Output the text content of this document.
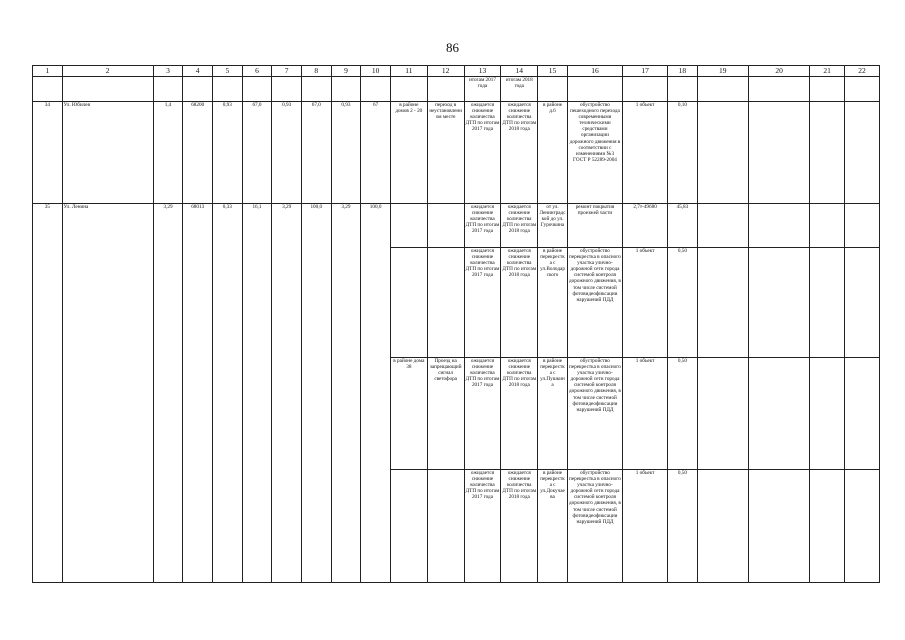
86
1	2	3	4	5	6	7	8	9	10	11	12	13	14	15	16	17	18	19	20	21	22
												итогам 2017 года	итогам 2018 года								
34	Ул. Юбилея	1,4	68200	0,93	67,0	0,93	67,0	0,93	67	в районе домов 2 - 20	переход в неустановленном месте	ожидается снижение количества ДТП по итогам 2017 года	ожидается снижение количества ДТП по итогам 2018 года	в районе д.6	обустройство пешеходного перехода современными техническими средствами организации дорожного движения в соответствии с изменениями №3 ГОСТ Р 52289-2004	1 объект	0,10				
35	Ул. Ленина	3,29	68013	0,33	16,1	3,29	100,0	3,29	100,0			ожидается снижение количества ДТП по итогам 2017 года	ожидается снижение количества ДТП по итогам 2018 года	от ул. Ленинградской до ул. Гурочкина	ремонт покрытия проезжей части	2,7т-49680	45,83				
												ожидается снижение количества ДТП по итогам 2017 года	ожидается снижение количества ДТП по итогам 2018 года	в районе перекрестка с ул.Володарского	обустройство перекрестка в опасного участка улично-дорожной сети города системой контроля дорожного движения, в том числе системой фотовидеофиксации нарушений ПДД	1 объект	0,50				
										в районе дома 38	Проезд на запрещающий сигнал светофора	ожидается снижение количества ДТП по итогам 2017 года	ожидается снижение количества ДТП по итогам 2018 года	в районе перекрестка с ул.Пушкина	обустройство перекрестка в опасного участка улично-дорожной сети города системой контроля дорожного движения, в том числе системой фотовидеофиксации нарушений ПДД	1 объект	0,50				
												ожидается снижение количества ДТП по итогам 2017 года	ожидается снижение количества ДТП по итогам 2018 года	в районе перекрестка с ул.Докучаева	обустройство перекрестка в опасного участка улично-дорожной сети города системой контроля дорожного движения, в том числе системой фотовидеофиксации нарушений ПДД	1 объект	0,50				
